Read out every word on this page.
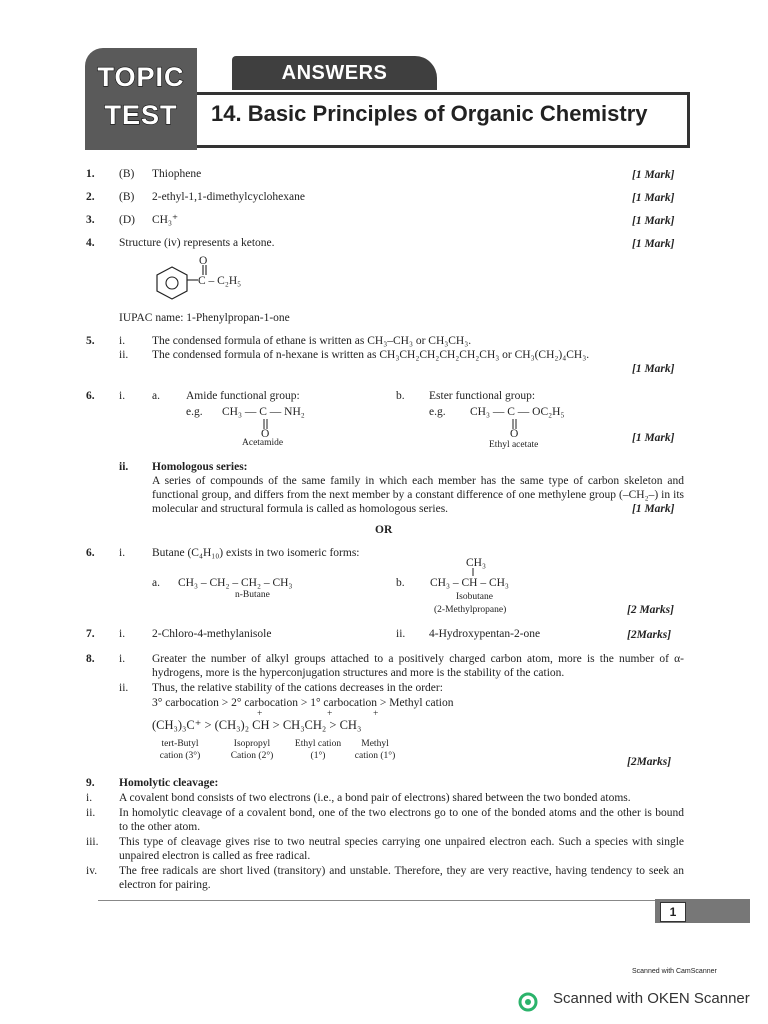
TOPIC
TEST
ANSWERS
14. Basic Principles of Organic Chemistry
1. (B) Thiophene	[1 Mark]
2. (B) 2-ethyl-1,1-dimethylcyclohexane	[1 Mark]
3. (D) CH₃⁺	[1 Mark]
4. Structure (iv) represents a ketone.	[1 Mark]
O
C – C₂H₅
IUPAC name: 1-Phenylpropan-1-one
5. i. The condensed formula of ethane is written as CH₃–CH₃ or CH₃CH₃.
ii. The condensed formula of n-hexane is written as CH₃CH₂CH₂CH₂CH₂CH₃ or CH₃(CH₂)₄CH₃.
[1 Mark]
6. i. a. Amide functional group:
e.g. CH₃ — C — NH₂
O
Acetamide
b. Ester functional group:
e.g. CH₃ — C — OC₂H₅
O
Ethyl acetate
[1 Mark]
ii. Homologous series:
A series of compounds of the same family in which each member has the same type of carbon skeleton and functional group, and differs from the next member by a constant difference of one methylene group (–CH₂–) in its molecular and structural formula is called as homologous series.	[1 Mark]
OR
6. i. Butane (C₄H₁₀) exists in two isomeric forms:
CH₃
a. CH₃ – CH₂ – CH₂ – CH₃
n-Butane
b. CH₃ – CH – CH₃
Isobutane
(2-Methylpropane)	[2 Marks]
7. i. 2-Chloro-4-methylanisole	ii. 4-Hydroxypentan-2-one	[2Marks]
8. i. Greater the number of alkyl groups attached to a positively charged carbon atom, more is the number of α-hydrogens, more is the hyperconjugation structures and more is the stability of the cation.
ii. Thus, the relative stability of the cations decreases in the order:
3° carbocation > 2° carbocation > 1° carbocation > Methyl cation
+	+	+
(CH₃)₃C⁺ > (CH₃)₂ CH > CH₃CH₂ > CH₃
tert-Butyl
cation (3°)
Isopropyl
Cation (2°)
Ethyl cation
(1°)
Methyl
cation (1°)	[2Marks]
9. Homolytic cleavage:
i. A covalent bond consists of two electrons (i.e., a bond pair of electrons) shared between the two bonded atoms.
ii. In homolytic cleavage of a covalent bond, one of the two electrons go to one of the bonded atoms and the other is bound to the other atom.
iii. This type of cleavage gives rise to two neutral species carrying one unpaired electron each. Such a species with single unpaired electron is called as free radical.
iv. The free radicals are short lived (transitory) and unstable. Therefore, they are very reactive, having tendency to seek an electron for pairing.
1
Scanned with CamScanner
Scanned with OKEN Scanner
